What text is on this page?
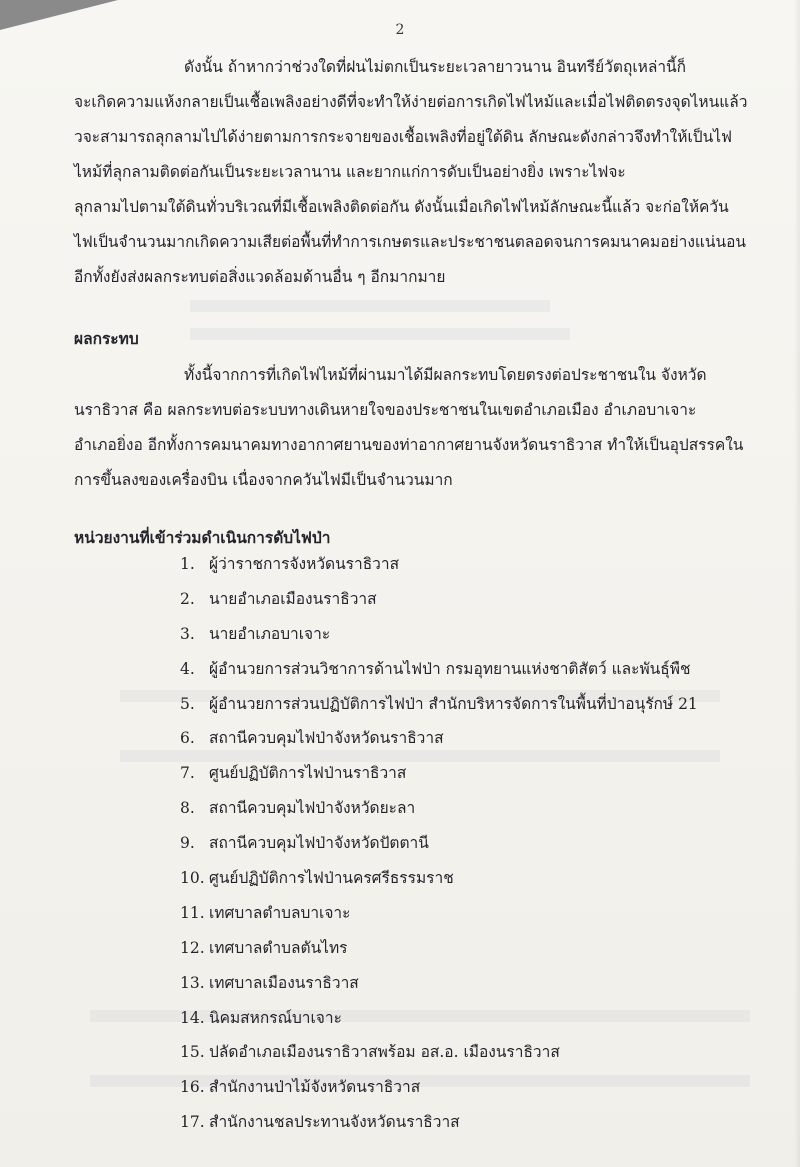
2
ดังนั้น ถ้าหากว่าช่วงใดที่ฝนไม่ตกเป็นระยะเวลายาวนาน อินทรีย์วัตถุเหล่านี้ก็
จะเกิดความแห้งกลายเป็นเชื้อเพลิงอย่างดีที่จะทำให้ง่ายต่อการเกิดไฟไหม้และเมื่อไฟติดตรงจุดไหนแล้ว
วจะสามารถลุกลามไปได้ง่ายตามการกระจายของเชื้อเพลิงที่อยู่ใต้ดิน ลักษณะดังกล่าวจึงทำให้เป็นไฟ
ไหม้ที่ลุกลามติดต่อกันเป็นระยะเวลานาน และยากแก่การดับเป็นอย่างยิ่ง เพราะไฟจะ
ลุกลามไปตามใต้ดินทั่วบริเวณที่มีเชื้อเพลิงติดต่อกัน ดังนั้นเมื่อเกิดไฟไหม้ลักษณะนี้แล้ว จะก่อให้ควัน
ไฟเป็นจำนวนมากเกิดความเสียต่อพื้นที่ทำการเกษตรและประชาชนตลอดจนการคมนาคมอย่างแน่นอน
อีกทั้งยังส่งผลกระทบต่อสิ่งแวดล้อมด้านอื่น ๆ อีกมากมาย
ผลกระทบ
ทั้งนี้จากการที่เกิดไฟไหม้ที่ผ่านมาได้มีผลกระทบโดยตรงต่อประชาชนใน จังหวัด
นราธิวาส คือ ผลกระทบต่อระบบทางเดินหายใจของประชาชนในเขตอำเภอเมือง อำเภอบาเจาะ
อำเภอยิ่งอ อีกทั้งการคมนาคมทางอากาศยานของท่าอากาศยานจังหวัดนราธิวาส ทำให้เป็นอุปสรรคใน
การขึ้นลงของเครื่องบิน เนื่องจากควันไฟมีเป็นจำนวนมาก
หน่วยงานที่เข้าร่วมดำเนินการดับไฟป่า
1. ผู้ว่าราชการจังหวัดนราธิวาส
2. นายอำเภอเมืองนราธิวาส
3. นายอำเภอบาเจาะ
4. ผู้อำนวยการส่วนวิชาการด้านไฟป่า กรมอุทยานแห่งชาติสัตว์ และพันธุ์พืช
5. ผู้อำนวยการส่วนปฏิบัติการไฟป่า สำนักบริหารจัดการในพื้นที่ป่าอนุรักษ์ 21
6. สถานีควบคุมไฟป่าจังหวัดนราธิวาส
7. ศูนย์ปฏิบัติการไฟป่านราธิวาส
8. สถานีควบคุมไฟป่าจังหวัดยะลา
9. สถานีควบคุมไฟป่าจังหวัดปัตตานี
10. ศูนย์ปฏิบัติการไฟป่านครศรีธรรมราช
11. เทศบาลตำบลบาเจาะ
12. เทศบาลตำบลตันไทร
13. เทศบาลเมืองนราธิวาส
14. นิคมสหกรณ์บาเจาะ
15. ปลัดอำเภอเมืองนราธิวาสพร้อม อส.อ. เมืองนราธิวาส
16. สำนักงานป่าไม้จังหวัดนราธิวาส
17. สำนักงานชลประทานจังหวัดนราธิวาส
